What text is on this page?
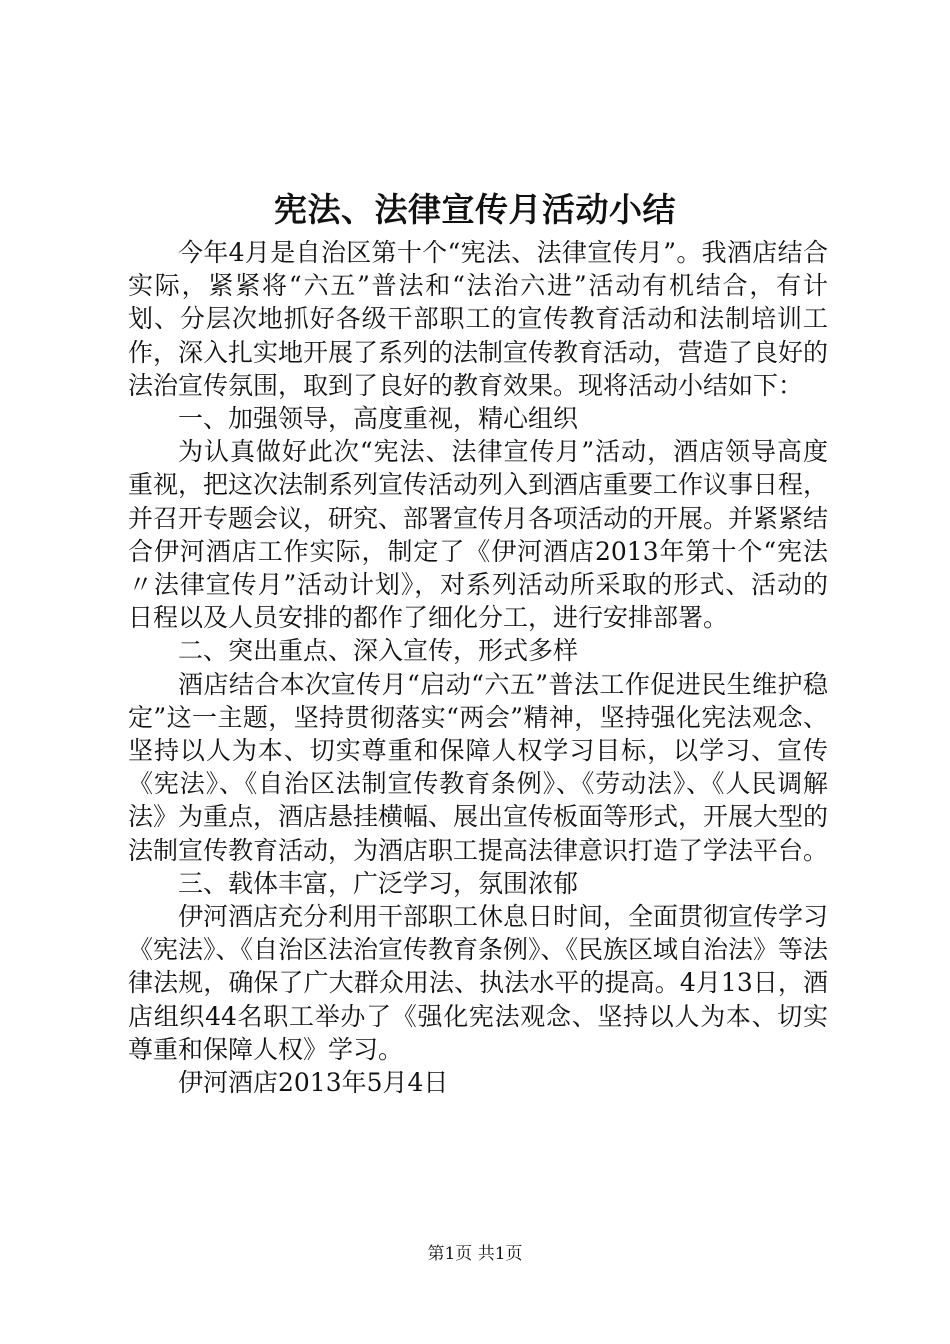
宪法、法律宣传月活动小结

今年4月是自治区第十个“宪法、法律宣传月”。我酒店结合实际，紧紧将“六五”普法和“法治六进”活动有机结合，有计划、分层次地抓好各级干部职工的宣传教育活动和法制培训工作，深入扎实地开展了系列的法制宣传教育活动，营造了良好的法治宣传氛围，取到了良好的教育效果。现将活动小结如下：

一、加强领导，高度重视，精心组织

为认真做好此次“宪法、法律宣传月”活动，酒店领导高度重视，把这次法制系列宣传活动列入到酒店重要工作议事日程，并召开专题会议，研究、部署宣传月各项活动的开展。并紧紧结合伊河酒店工作实际，制定了《伊河酒店2013年第十个“宪法〃法律宣传月”活动计划》，对系列活动所采取的形式、活动的日程以及人员安排的都作了细化分工，进行安排部署。

二、突出重点、深入宣传，形式多样

酒店结合本次宣传月“启动“六五”普法工作促进民生维护稳定”这一主题，坚持贯彻落实“两会”精神，坚持强化宪法观念、坚持以人为本、切实尊重和保障人权学习目标，以学习、宣传《宪法》、《自治区法制宣传教育条例》、《劳动法》、《人民调解法》为重点，酒店悬挂横幅、展出宣传板面等形式，开展大型的法制宣传教育活动，为酒店职工提高法律意识打造了学法平台。

三、载体丰富，广泛学习，氛围浓郁

伊河酒店充分利用干部职工休息日时间，全面贯彻宣传学习《宪法》、《自治区法治宣传教育条例》、《民族区域自治法》等法律法规，确保了广大群众用法、执法水平的提高。4月13日，酒店组织44名职工举办了《强化宪法观念、坚持以人为本、切实尊重和保障人权》学习。

伊河酒店2013年5月4日

第1页 共1页
